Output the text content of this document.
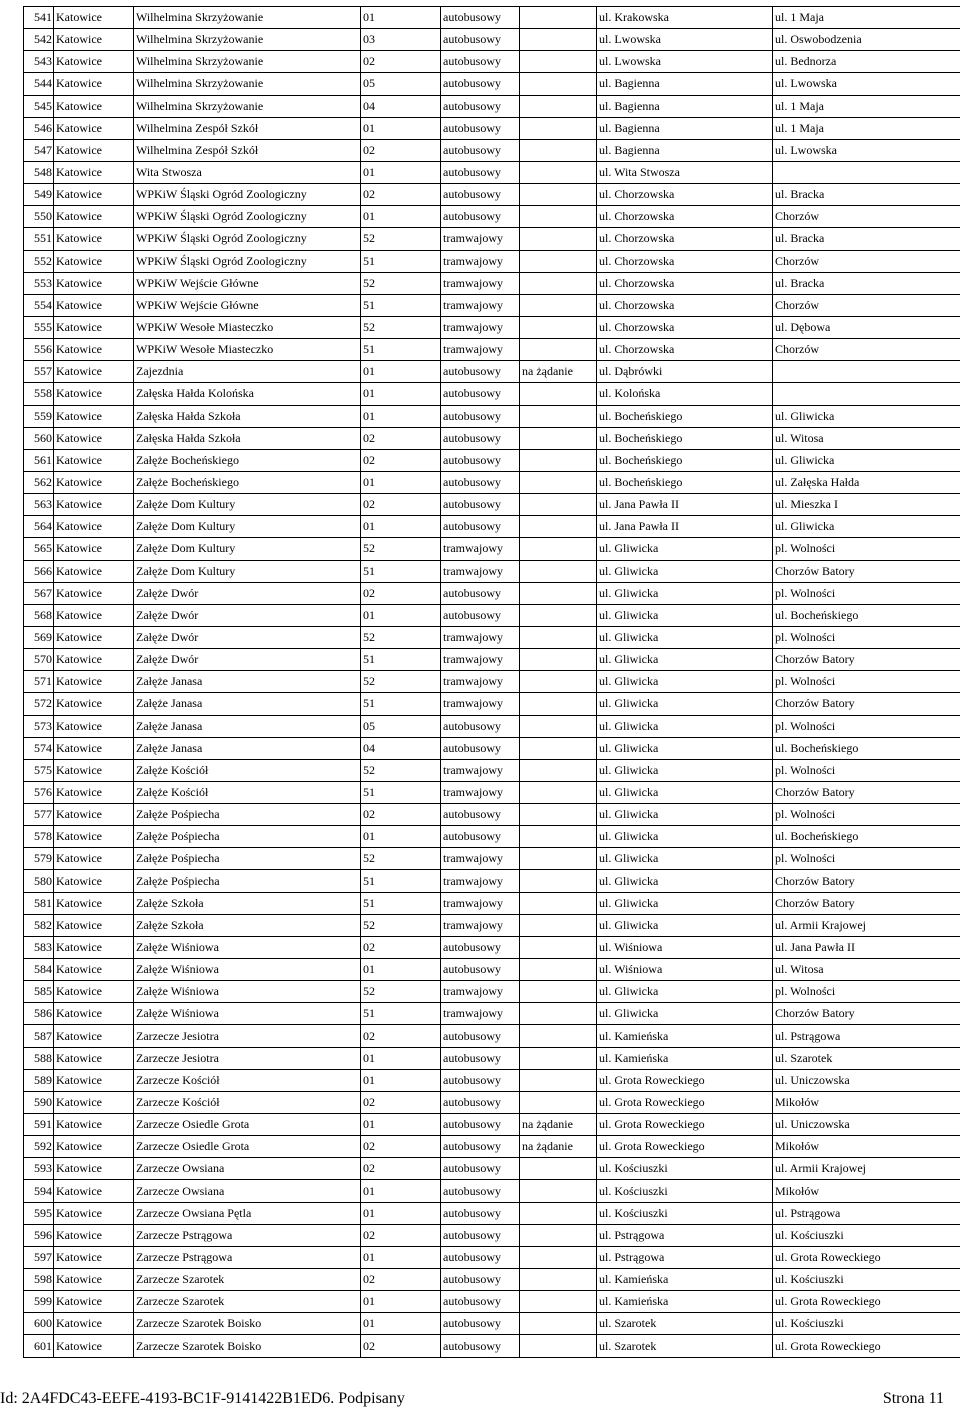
541	Katowice	Wilhelmina Skrzyżowanie	01	autobusowy		ul. Krakowska	ul. 1 Maja
542	Katowice	Wilhelmina Skrzyżowanie	03	autobusowy		ul. Lwowska	ul. Oswobodzenia
543	Katowice	Wilhelmina Skrzyżowanie	02	autobusowy		ul. Lwowska	ul. Bednorza
544	Katowice	Wilhelmina Skrzyżowanie	05	autobusowy		ul. Bagienna	ul. Lwowska
545	Katowice	Wilhelmina Skrzyżowanie	04	autobusowy		ul. Bagienna	ul. 1 Maja
546	Katowice	Wilhelmina Zespół Szkół	01	autobusowy		ul. Bagienna	ul. 1 Maja
547	Katowice	Wilhelmina Zespół Szkół	02	autobusowy		ul. Bagienna	ul. Lwowska
548	Katowice	Wita Stwosza	01	autobusowy		ul. Wita Stwosza	
549	Katowice	WPKiW Śląski Ogród Zoologiczny	02	autobusowy		ul. Chorzowska	ul. Bracka
550	Katowice	WPKiW Śląski Ogród Zoologiczny	01	autobusowy		ul. Chorzowska	Chorzów
551	Katowice	WPKiW Śląski Ogród Zoologiczny	52	tramwajowy		ul. Chorzowska	ul. Bracka
552	Katowice	WPKiW Śląski Ogród Zoologiczny	51	tramwajowy		ul. Chorzowska	Chorzów
553	Katowice	WPKiW Wejście Główne	52	tramwajowy		ul. Chorzowska	ul. Bracka
554	Katowice	WPKiW Wejście Główne	51	tramwajowy		ul. Chorzowska	Chorzów
555	Katowice	WPKiW Wesołe Miasteczko	52	tramwajowy		ul. Chorzowska	ul. Dębowa
556	Katowice	WPKiW Wesołe Miasteczko	51	tramwajowy		ul. Chorzowska	Chorzów
557	Katowice	Zajezdnia	01	autobusowy	na żądanie	ul. Dąbrówki	
558	Katowice	Załęska Hałda Kolońska	01	autobusowy		ul. Kolońska	
559	Katowice	Załęska Hałda Szkoła	01	autobusowy		ul. Bocheńskiego	ul. Gliwicka
560	Katowice	Załęska Hałda Szkoła	02	autobusowy		ul. Bocheńskiego	ul. Witosa
561	Katowice	Załęże Bocheńskiego	02	autobusowy		ul. Bocheńskiego	ul. Gliwicka
562	Katowice	Załęże Bocheńskiego	01	autobusowy		ul. Bocheńskiego	ul. Załęska Hałda
563	Katowice	Załęże Dom Kultury	02	autobusowy		ul. Jana Pawła II	ul. Mieszka I
564	Katowice	Załęże Dom Kultury	01	autobusowy		ul. Jana Pawła II	ul. Gliwicka
565	Katowice	Załęże Dom Kultury	52	tramwajowy		ul. Gliwicka	pl. Wolności
566	Katowice	Załęże Dom Kultury	51	tramwajowy		ul. Gliwicka	Chorzów Batory
567	Katowice	Załęże Dwór	02	autobusowy		ul. Gliwicka	pl. Wolności
568	Katowice	Załęże Dwór	01	autobusowy		ul. Gliwicka	ul. Bocheńskiego
569	Katowice	Załęże Dwór	52	tramwajowy		ul. Gliwicka	pl. Wolności
570	Katowice	Załęże Dwór	51	tramwajowy		ul. Gliwicka	Chorzów Batory
571	Katowice	Załęże Janasa	52	tramwajowy		ul. Gliwicka	pl. Wolności
572	Katowice	Załęże Janasa	51	tramwajowy		ul. Gliwicka	Chorzów Batory
573	Katowice	Załęże Janasa	05	autobusowy		ul. Gliwicka	pl. Wolności
574	Katowice	Załęże Janasa	04	autobusowy		ul. Gliwicka	ul. Bocheńskiego
575	Katowice	Załęże Kościół	52	tramwajowy		ul. Gliwicka	pl. Wolności
576	Katowice	Załęże Kościół	51	tramwajowy		ul. Gliwicka	Chorzów Batory
577	Katowice	Załęże Pośpiecha	02	autobusowy		ul. Gliwicka	pl. Wolności
578	Katowice	Załęże Pośpiecha	01	autobusowy		ul. Gliwicka	ul. Bocheńskiego
579	Katowice	Załęże Pośpiecha	52	tramwajowy		ul. Gliwicka	pl. Wolności
580	Katowice	Załęże Pośpiecha	51	tramwajowy		ul. Gliwicka	Chorzów Batory
581	Katowice	Załęże Szkoła	51	tramwajowy		ul. Gliwicka	Chorzów Batory
582	Katowice	Załęże Szkoła	52	tramwajowy		ul. Gliwicka	ul. Armii Krajowej
583	Katowice	Załęże Wiśniowa	02	autobusowy		ul. Wiśniowa	ul. Jana Pawła II
584	Katowice	Załęże Wiśniowa	01	autobusowy		ul. Wiśniowa	ul. Witosa
585	Katowice	Załęże Wiśniowa	52	tramwajowy		ul. Gliwicka	pl. Wolności
586	Katowice	Załęże Wiśniowa	51	tramwajowy		ul. Gliwicka	Chorzów Batory
587	Katowice	Zarzecze Jesiotra	02	autobusowy		ul. Kamieńska	ul. Pstrągowa
588	Katowice	Zarzecze Jesiotra	01	autobusowy		ul. Kamieńska	ul. Szarotek
589	Katowice	Zarzecze Kościół	01	autobusowy		ul. Grota Roweckiego	ul. Uniczowska
590	Katowice	Zarzecze Kościół	02	autobusowy		ul. Grota Roweckiego	Mikołów
591	Katowice	Zarzecze Osiedle Grota	01	autobusowy	na żądanie	ul. Grota Roweckiego	ul. Uniczowska
592	Katowice	Zarzecze Osiedle Grota	02	autobusowy	na żądanie	ul. Grota Roweckiego	Mikołów
593	Katowice	Zarzecze Owsiana	02	autobusowy		ul. Kościuszki	ul. Armii Krajowej
594	Katowice	Zarzecze Owsiana	01	autobusowy		ul. Kościuszki	Mikołów
595	Katowice	Zarzecze Owsiana Pętla	01	autobusowy		ul. Kościuszki	ul. Pstrągowa
596	Katowice	Zarzecze Pstrągowa	02	autobusowy		ul. Pstrągowa	ul. Kościuszki
597	Katowice	Zarzecze Pstrągowa	01	autobusowy		ul. Pstrągowa	ul. Grota Roweckiego
598	Katowice	Zarzecze Szarotek	02	autobusowy		ul. Kamieńska	ul. Kościuszki
599	Katowice	Zarzecze Szarotek	01	autobusowy		ul. Kamieńska	ul. Grota Roweckiego
600	Katowice	Zarzecze Szarotek Boisko	01	autobusowy		ul. Szarotek	ul. Kościuszki
601	Katowice	Zarzecze Szarotek Boisko	02	autobusowy		ul. Szarotek	ul. Grota Roweckiego
Id: 2A4FDC43-EEFE-4193-BC1F-9141422B1ED6. Podpisany	Strona 11
